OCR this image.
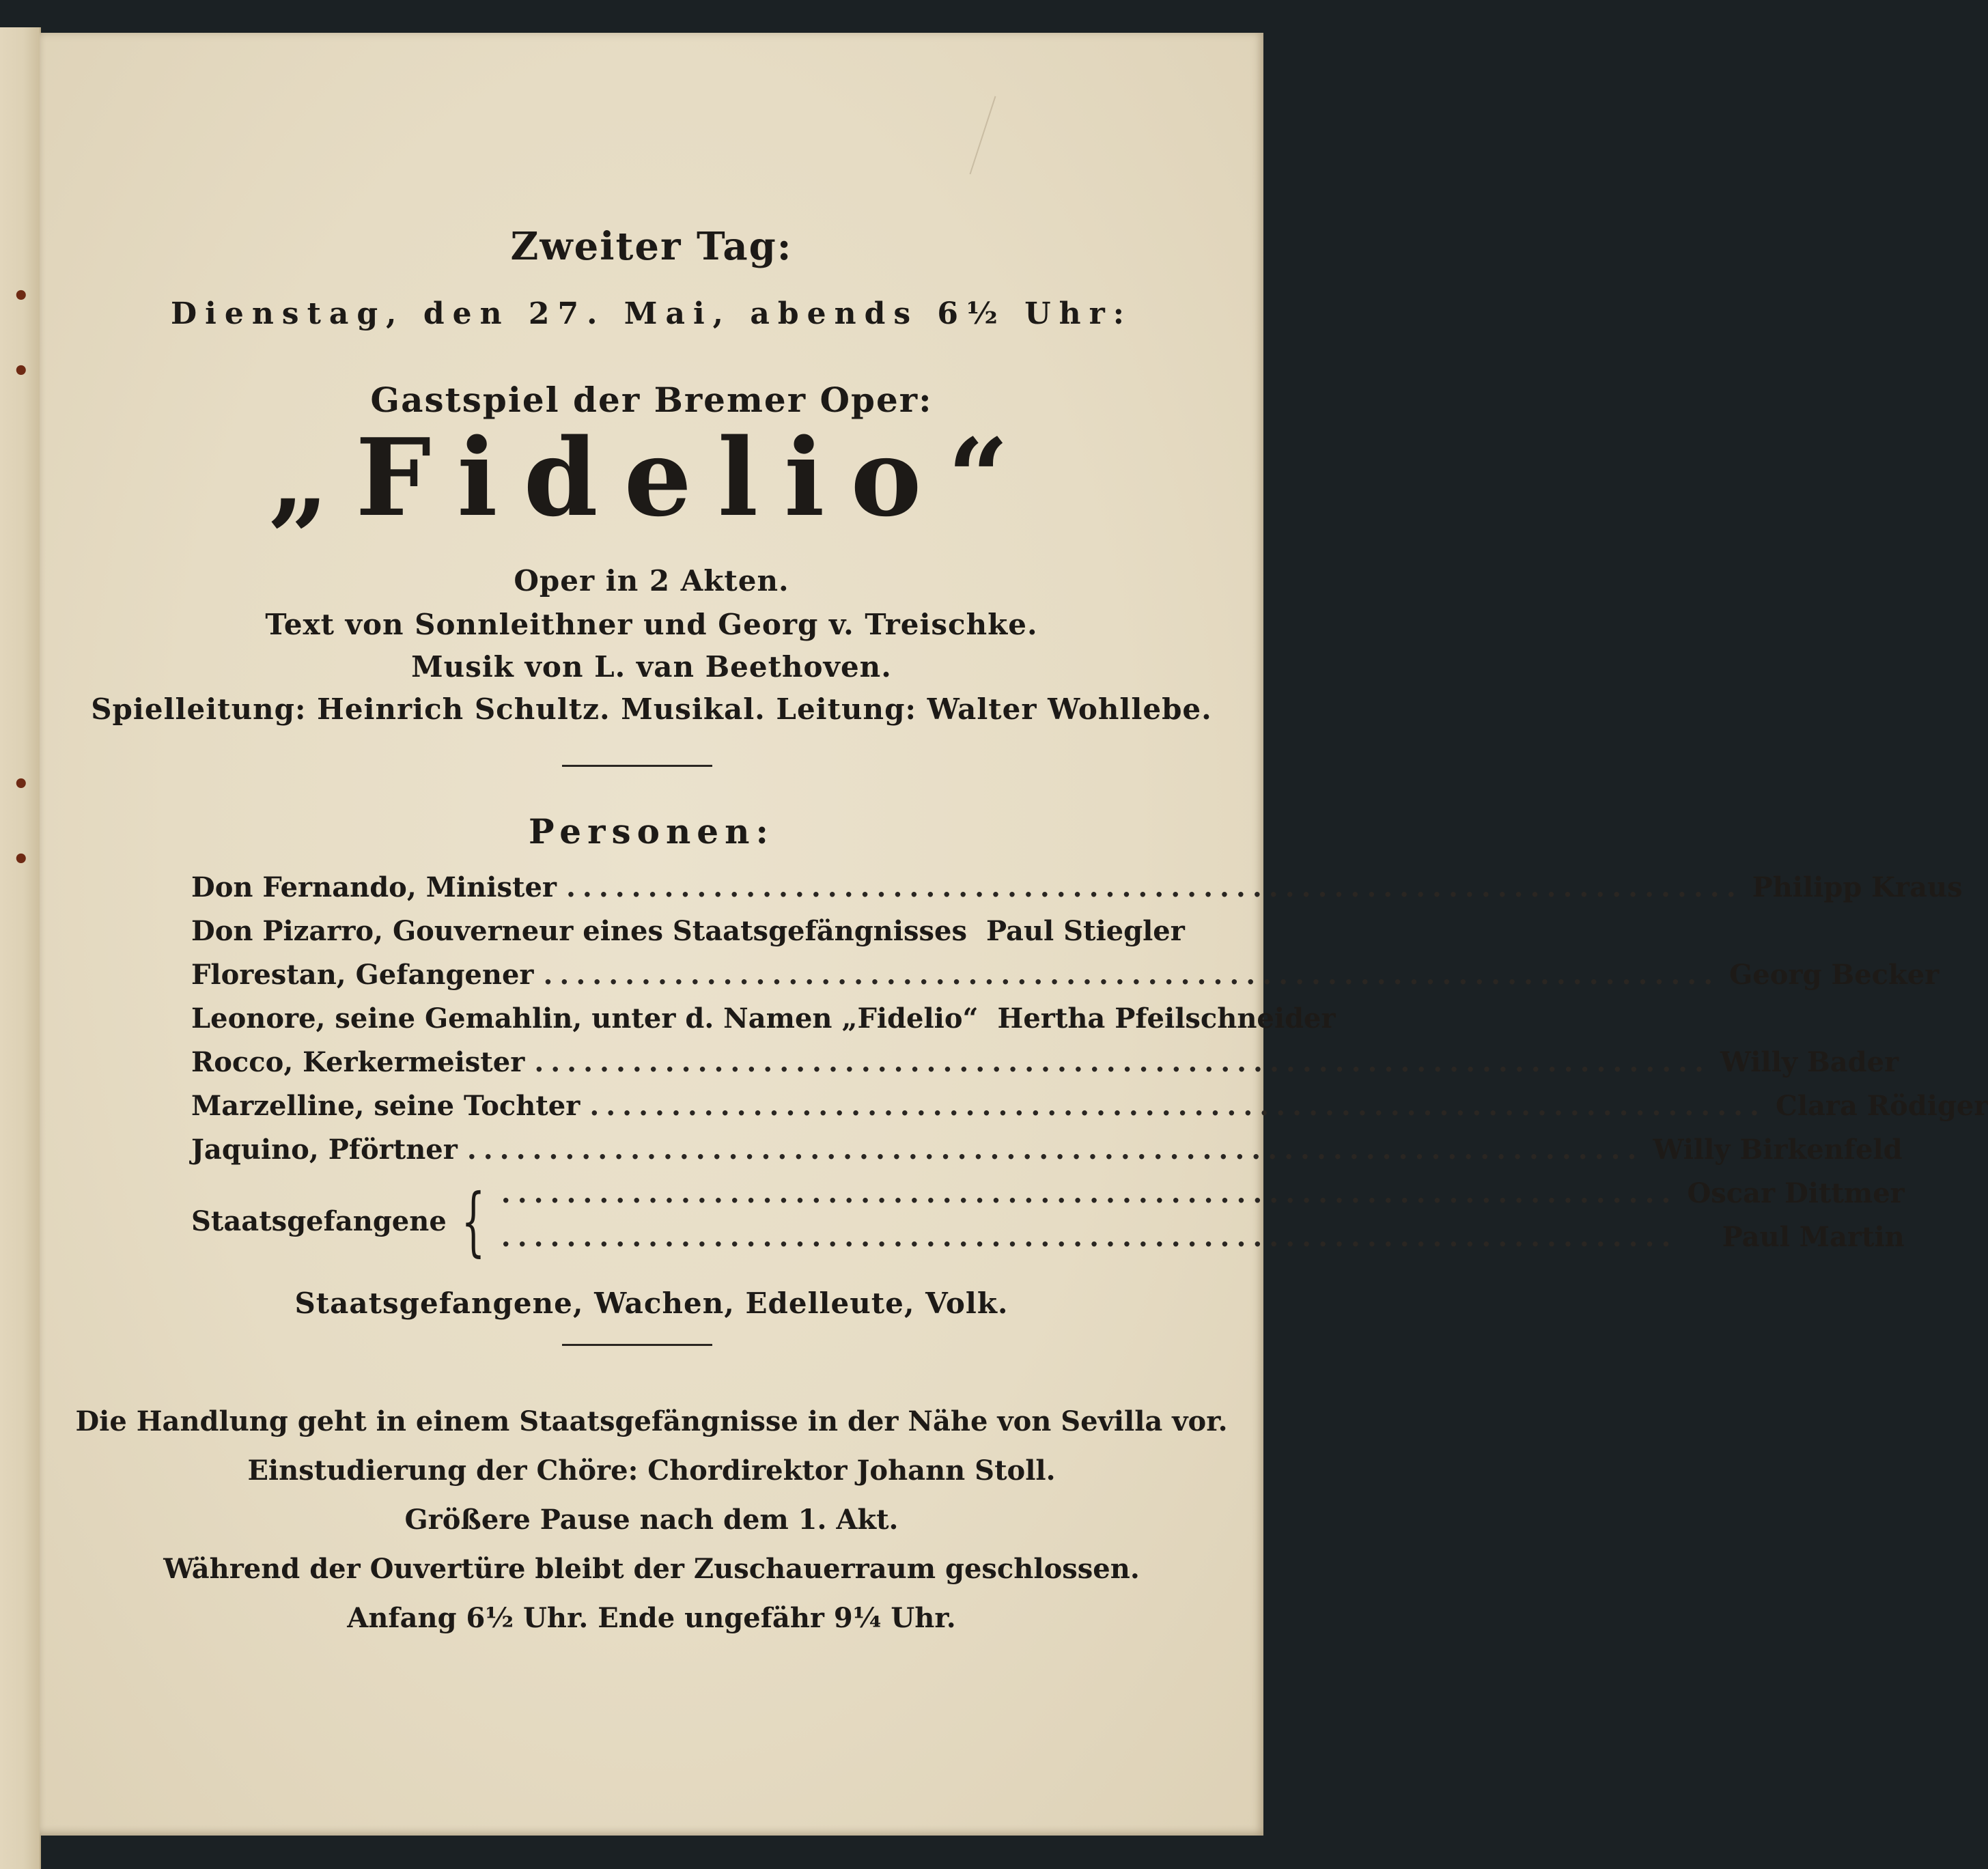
•
•
•
•
Zweiter Tag:
Dienstag, den 27. Mai, abends 6½ Uhr:
Gastspiel der Bremer Oper:
„Fidelio“
Oper in 2 Akten.
Text von Sonnleithner und Georg v. Treischke.
Musik von L. van Beethoven.
Spielleitung: Heinrich Schultz. Musikal. Leitung: Walter Wohllebe.
Personen:
Don Fernando, Minister ........................................................................ Philipp Kraus
Don Pizarro, Gouverneur eines Staatsgefängnisses Paul Stiegler
Florestan, Gefangener ........................................................................ Georg Becker
Leonore, seine Gemahlin, unter d. Namen „Fidelio“ Hertha Pfeilschneider
Rocco, Kerkermeister ........................................................................ Willy Bader
Marzelline, seine Tochter ........................................................................ Clara Rödiger
Jaquino, Pförtner ........................................................................ Willy Birkenfeld
Staatsgefangene { ........................................................................ Oscar Dittmer
........................................................................	Paul Martin
Staatsgefangene, Wachen, Edelleute, Volk.
Die Handlung geht in einem Staatsgefängnisse in der Nähe von Sevilla vor.
Einstudierung der Chöre: Chordirektor Johann Stoll.
Größere Pause nach dem 1. Akt.
Während der Ouvertüre bleibt der Zuschauerraum geschlossen.
Anfang 6½ Uhr. Ende ungefähr 9¼ Uhr.
